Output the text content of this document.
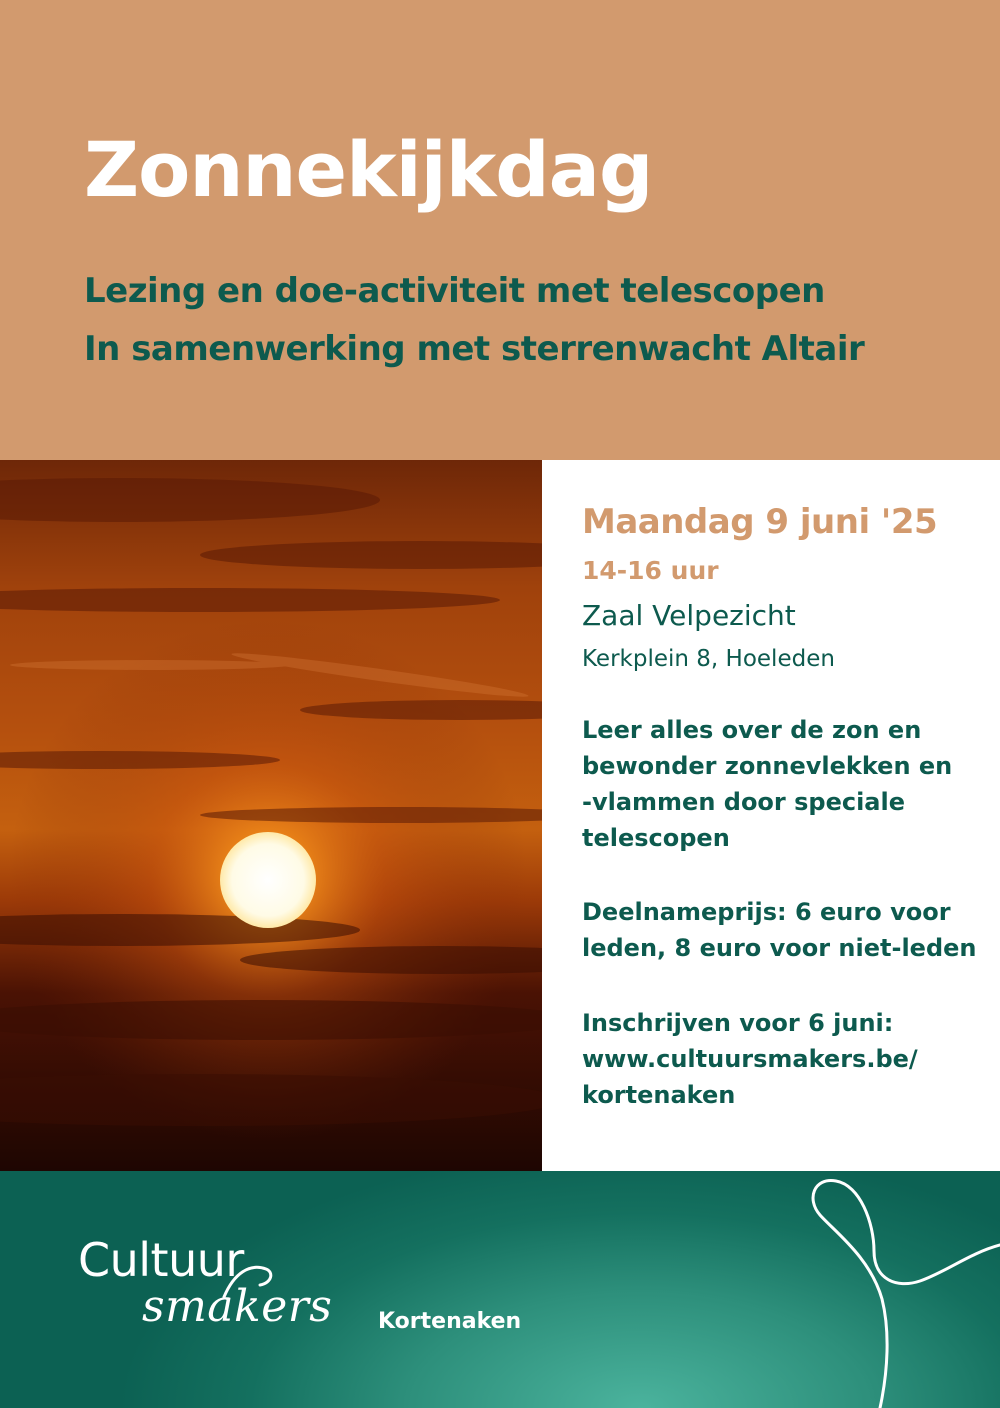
Zonnekijkdag

Lezing en doe-activiteit met telescopen

In samenwerking met sterrenwacht Altair

Maandag 9 juni '25

14-16 uur

Zaal Velpezicht

Kerkplein 8, Hoeleden

Leer alles over de zon en
bewonder zonnevlekken en
-vlammen door speciale
telescopen
Deelnameprijs: 6 euro voor
leden, 8 euro voor niet-leden
Inschrijven voor 6 juni:
www.cultuursmakers.be/
kortenaken

Cultuur

smakers Kortenaken
